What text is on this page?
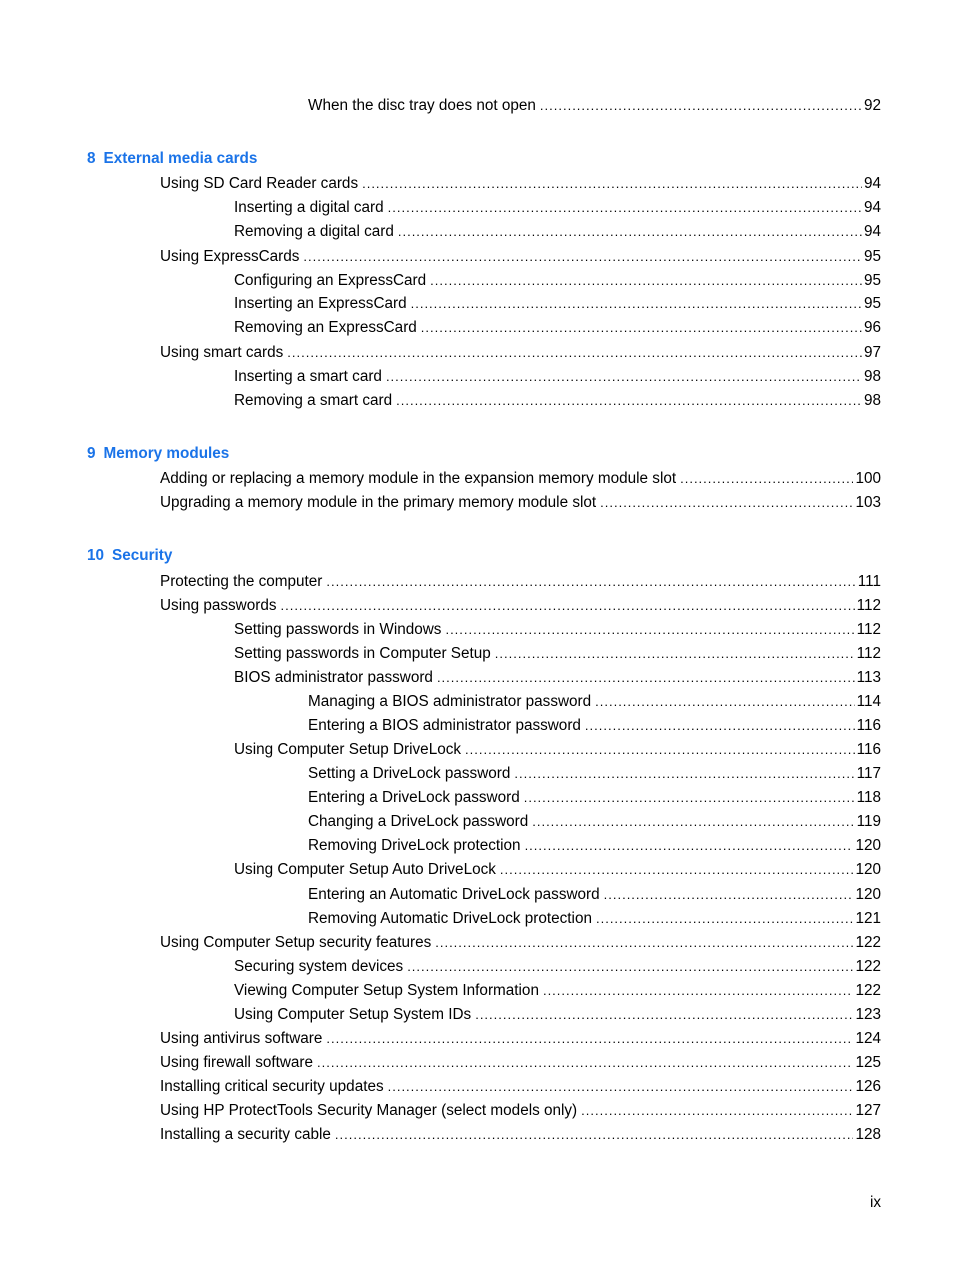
When the disc tray does not open .....	92
8 External media cards
Using SD Card Reader cards .....	94
Inserting a digital card .....	94
Removing a digital card .....	94
Using ExpressCards .....	95
Configuring an ExpressCard .....	95
Inserting an ExpressCard .....	95
Removing an ExpressCard .....	96
Using smart cards .....	97
Inserting a smart card .....	98
Removing a smart card .....	98
9 Memory modules
Adding or replacing a memory module in the expansion memory module slot .....	100
Upgrading a memory module in the primary memory module slot .....	103
10 Security
Protecting the computer .....	111
Using passwords .....	112
Setting passwords in Windows .....	112
Setting passwords in Computer Setup .....	112
BIOS administrator password .....	113
Managing a BIOS administrator password .....	114
Entering a BIOS administrator password .....	116
Using Computer Setup DriveLock .....	116
Setting a DriveLock password .....	117
Entering a DriveLock password .....	118
Changing a DriveLock password .....	119
Removing DriveLock protection .....	120
Using Computer Setup Auto DriveLock .....	120
Entering an Automatic DriveLock password .....	120
Removing Automatic DriveLock protection .....	121
Using Computer Setup security features .....	122
Securing system devices .....	122
Viewing Computer Setup System Information .....	122
Using Computer Setup System IDs .....	123
Using antivirus software .....	124
Using firewall software .....	125
Installing critical security updates .....	126
Using HP ProtectTools Security Manager (select models only) .....	127
Installing a security cable .....	128
ix
